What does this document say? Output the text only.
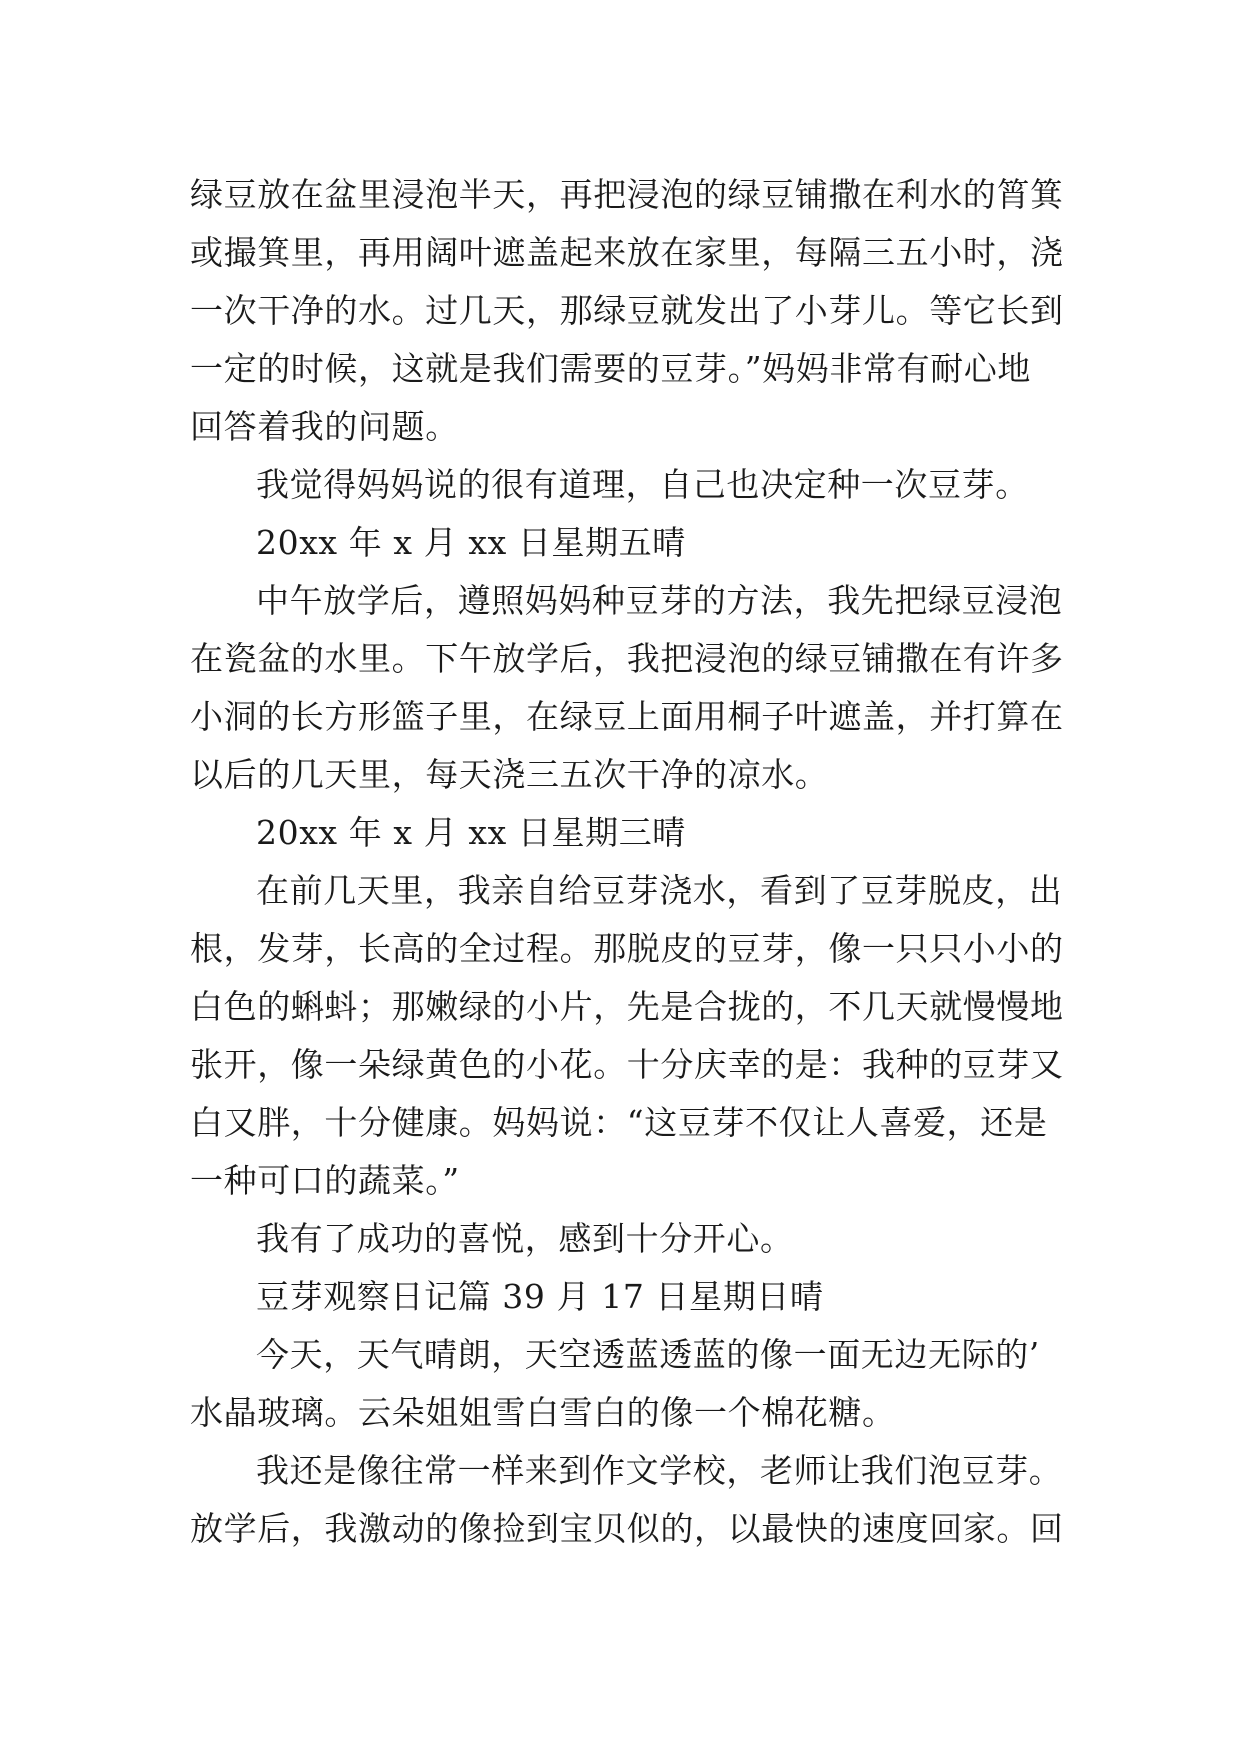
绿豆放在盆里浸泡半天，再把浸泡的绿豆铺撒在利水的筲箕
或撮箕里，再用阔叶遮盖起来放在家里，每隔三五小时，浇
一次干净的水。过几天，那绿豆就发出了小芽儿。等它长到
一定的时候，这就是我们需要的豆芽。”妈妈非常有耐心地
回答着我的问题。
我觉得妈妈说的很有道理，自己也决定种一次豆芽。
20xx 年 x 月 xx 日星期五晴
中午放学后，遵照妈妈种豆芽的方法，我先把绿豆浸泡
在瓷盆的水里。下午放学后，我把浸泡的绿豆铺撒在有许多
小洞的长方形篮子里，在绿豆上面用桐子叶遮盖，并打算在
以后的几天里，每天浇三五次干净的凉水。
20xx 年 x 月 xx 日星期三晴
在前几天里，我亲自给豆芽浇水，看到了豆芽脱皮，出
根，发芽，长高的全过程。那脱皮的豆芽，像一只只小小的
白色的蝌蚪；那嫩绿的小片，先是合拢的，不几天就慢慢地
张开，像一朵绿黄色的小花。十分庆幸的是：我种的豆芽又
白又胖，十分健康。妈妈说：“这豆芽不仅让人喜爱，还是
一种可口的蔬菜。”
我有了成功的喜悦，感到十分开心。
豆芽观察日记篇 39 月 17 日星期日晴
今天，天气晴朗，天空透蓝透蓝的像一面无边无际的’
水晶玻璃。云朵姐姐雪白雪白的像一个棉花糖。
我还是像往常一样来到作文学校，老师让我们泡豆芽。
放学后，我激动的像捡到宝贝似的，以最快的速度回家。回
